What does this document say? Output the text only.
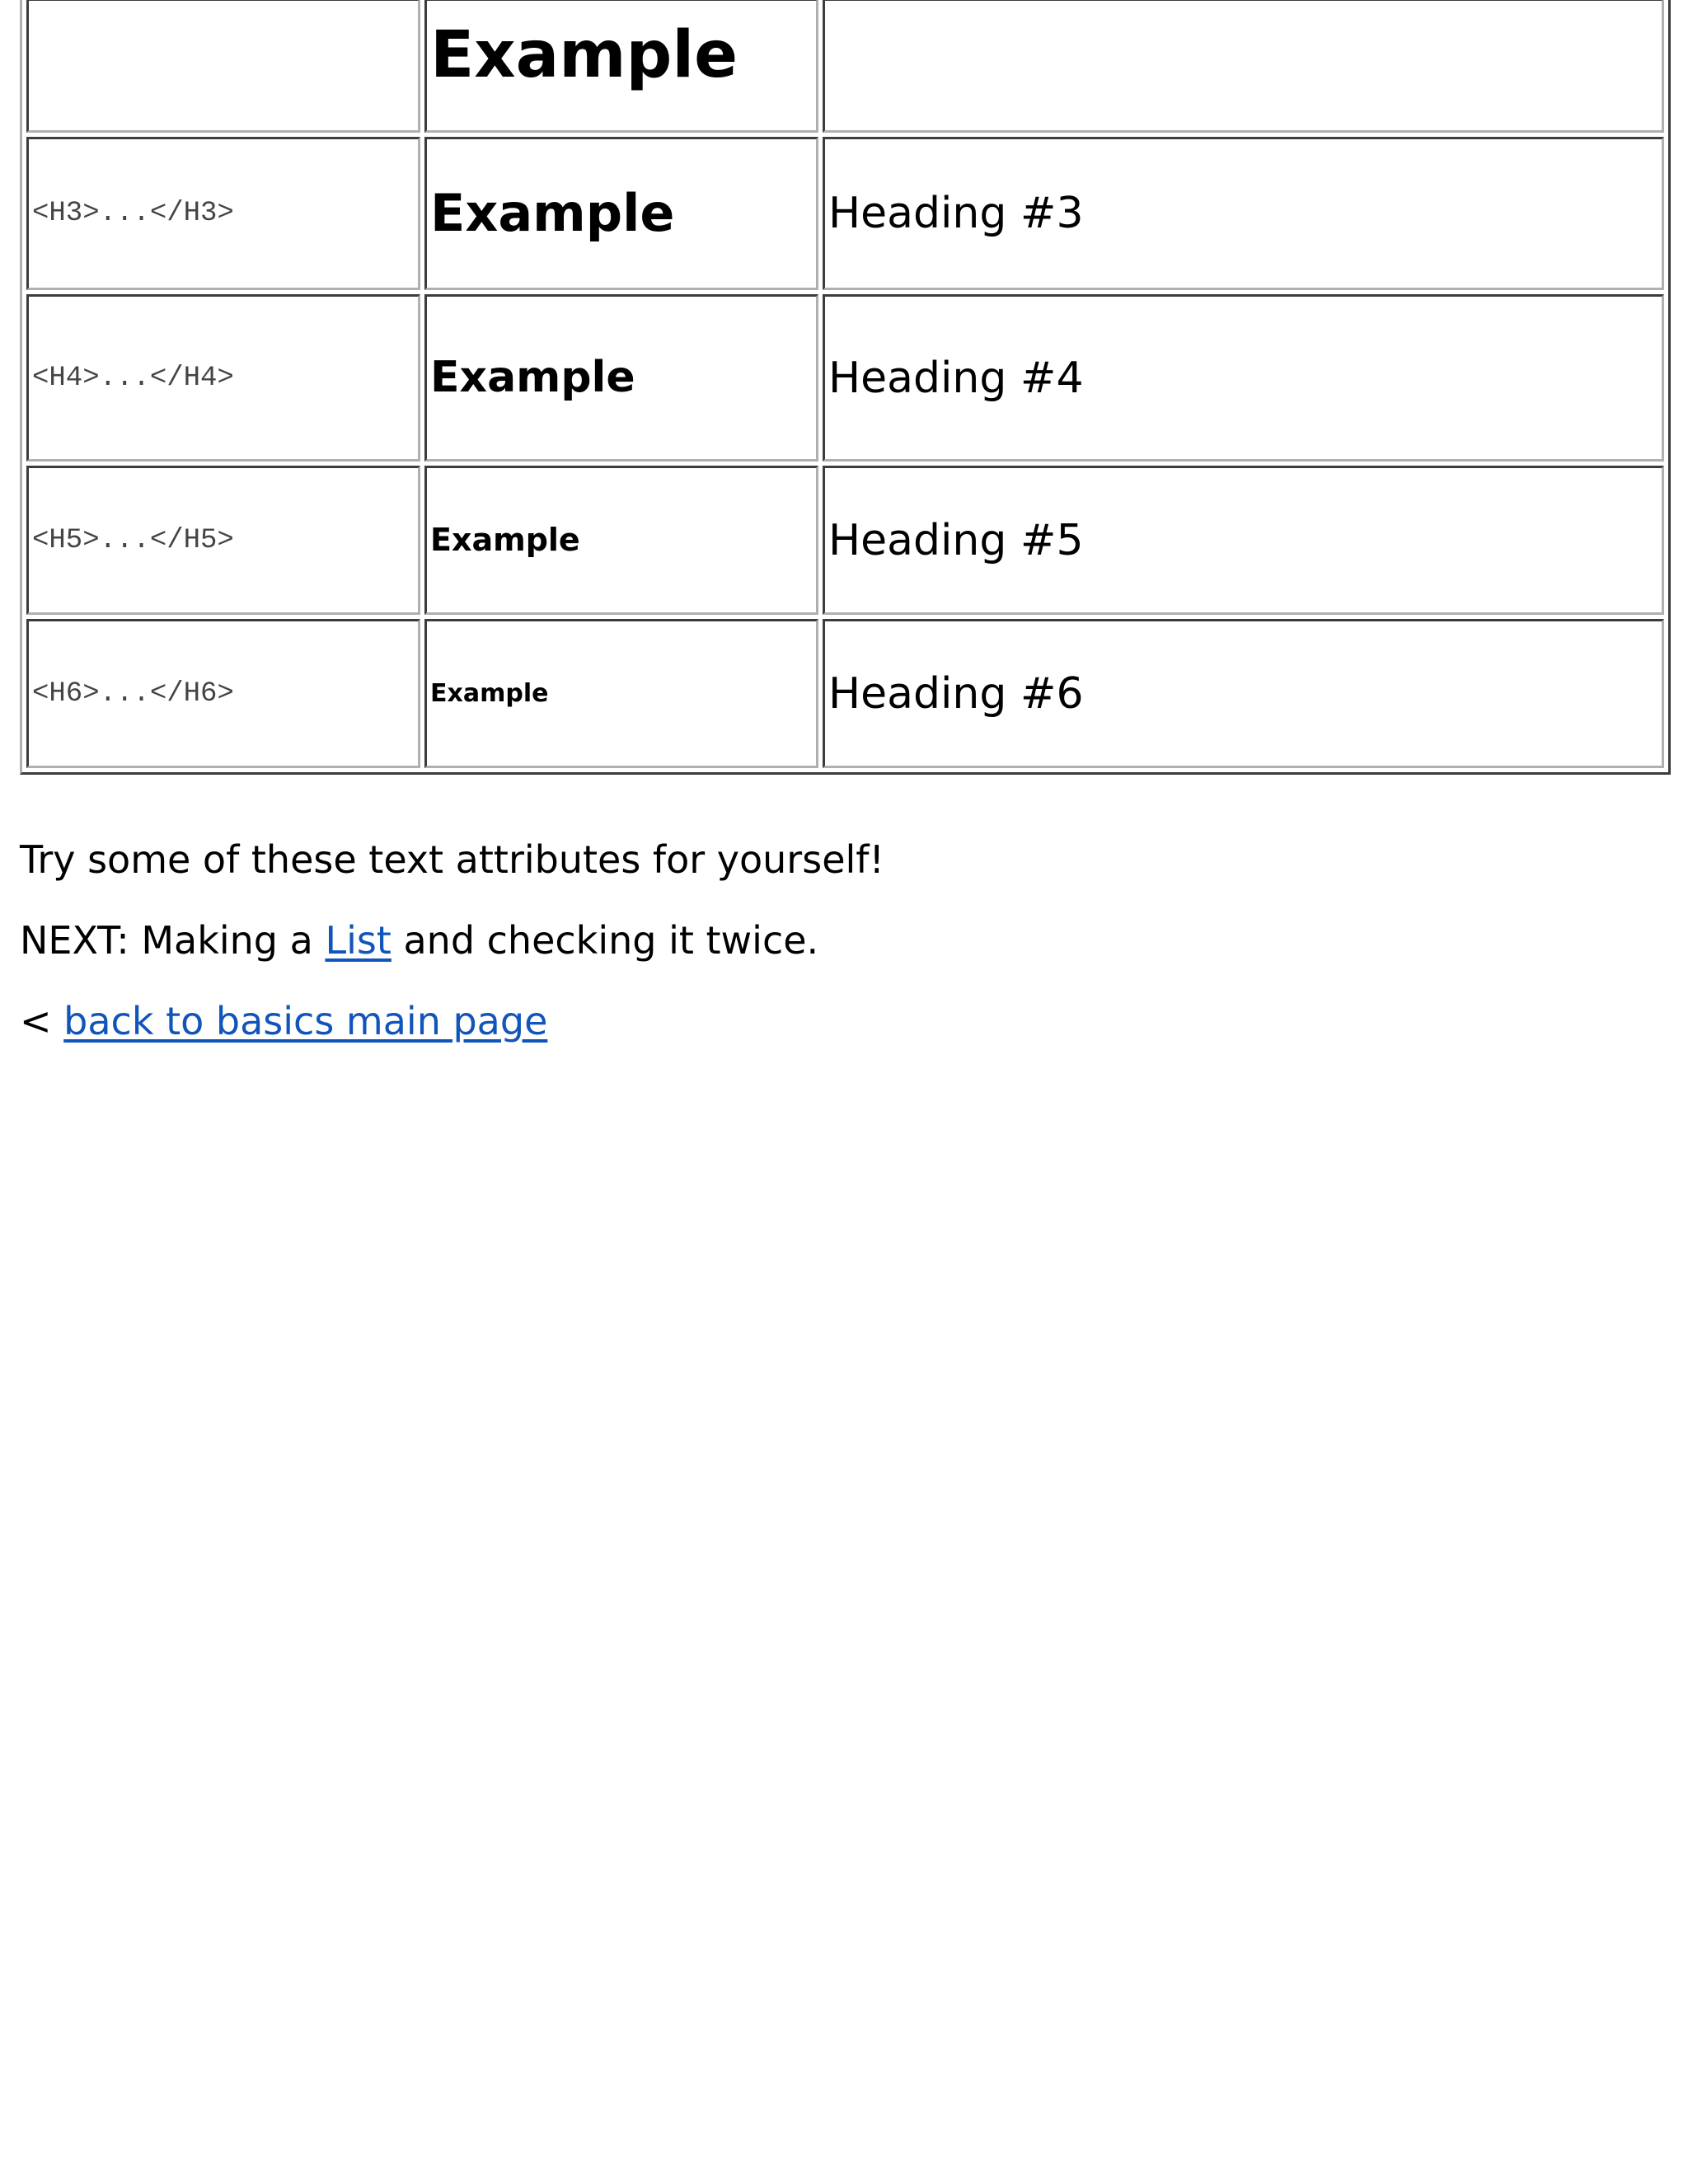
	Example	

<H3>...</H3>	Example	Heading #3
<H4>...</H4>	Example	Heading #4
<H5>...</H5>	Example	Heading #5
<H6>...</H6>	Example	Heading #6

Try some of these text attributes for yourself!

NEXT: Making a List and checking it twice.

< back to basics main page
